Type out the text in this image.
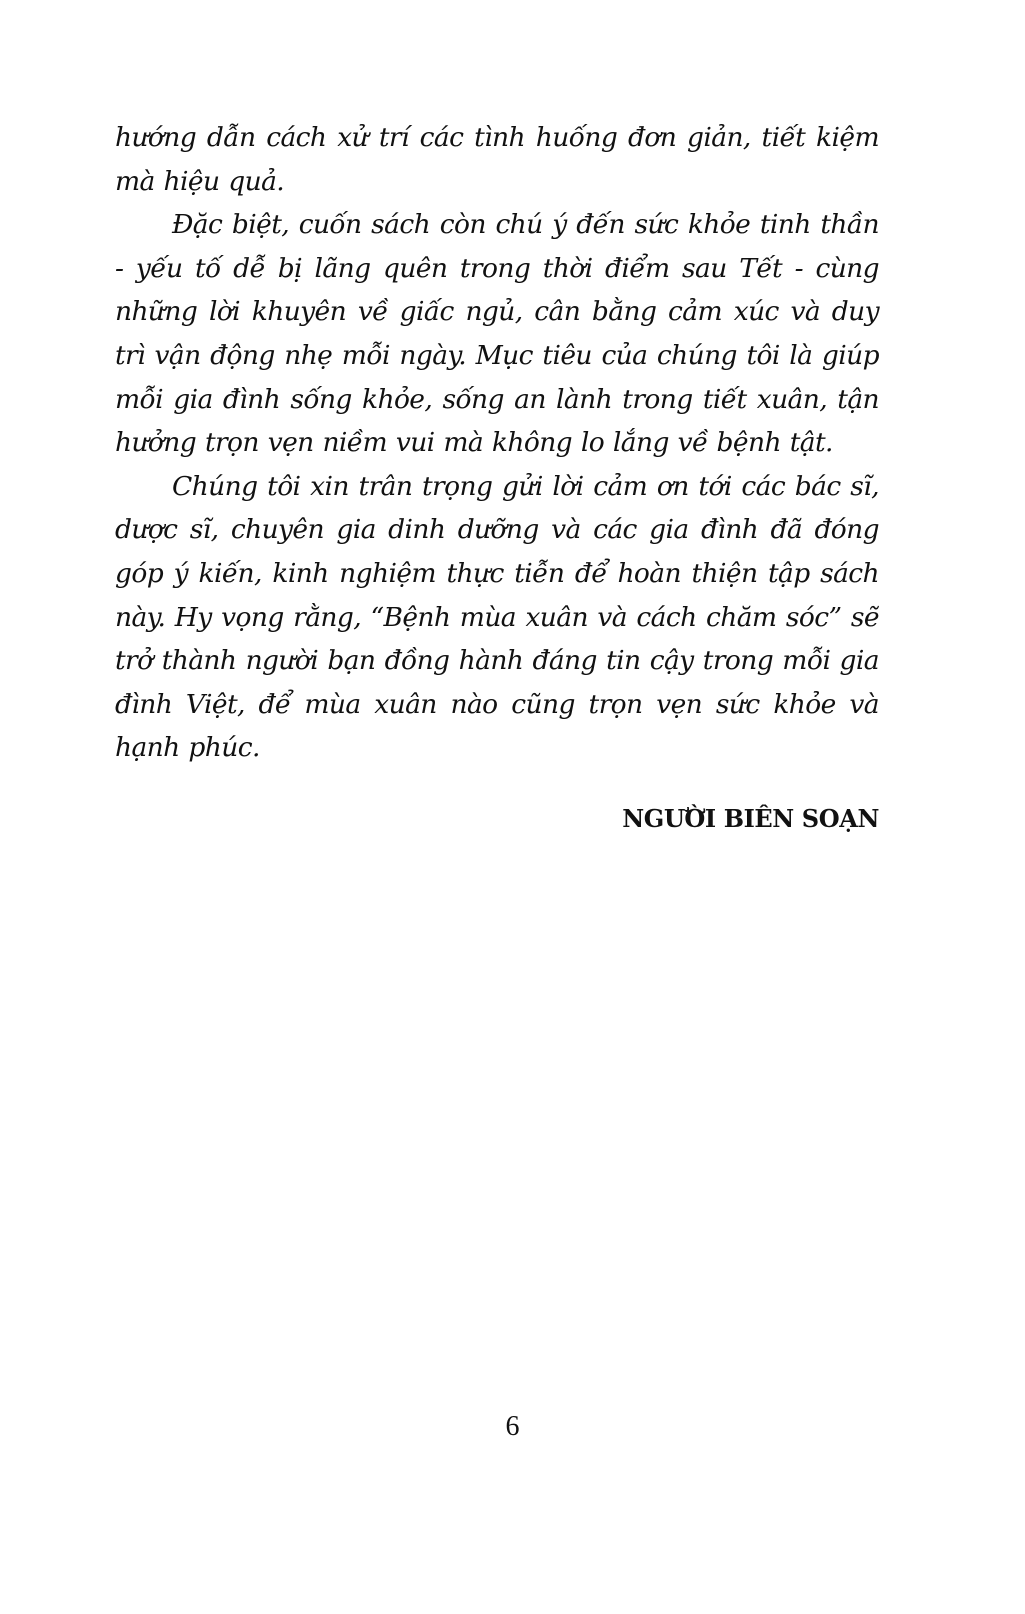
hướng dẫn cách xử trí các tình huống đơn giản, tiết kiệm mà hiệu quả.

Đặc biệt, cuốn sách còn chú ý đến sức khỏe tinh thần - yếu tố dễ bị lãng quên trong thời điểm sau Tết - cùng những lời khuyên về giấc ngủ, cân bằng cảm xúc và duy trì vận động nhẹ mỗi ngày. Mục tiêu của chúng tôi là giúp mỗi gia đình sống khỏe, sống an lành trong tiết xuân, tận hưởng trọn vẹn niềm vui mà không lo lắng về bệnh tật.

Chúng tôi xin trân trọng gửi lời cảm ơn tới các bác sĩ, dược sĩ, chuyên gia dinh dưỡng và các gia đình đã đóng góp ý kiến, kinh nghiệm thực tiễn để hoàn thiện tập sách này. Hy vọng rằng, “Bệnh mùa xuân và cách chăm sóc” sẽ trở thành người bạn đồng hành đáng tin cậy trong mỗi gia đình Việt, để mùa xuân nào cũng trọn vẹn sức khỏe và hạnh phúc.

NGƯỜI BIÊN SOẠN
6
